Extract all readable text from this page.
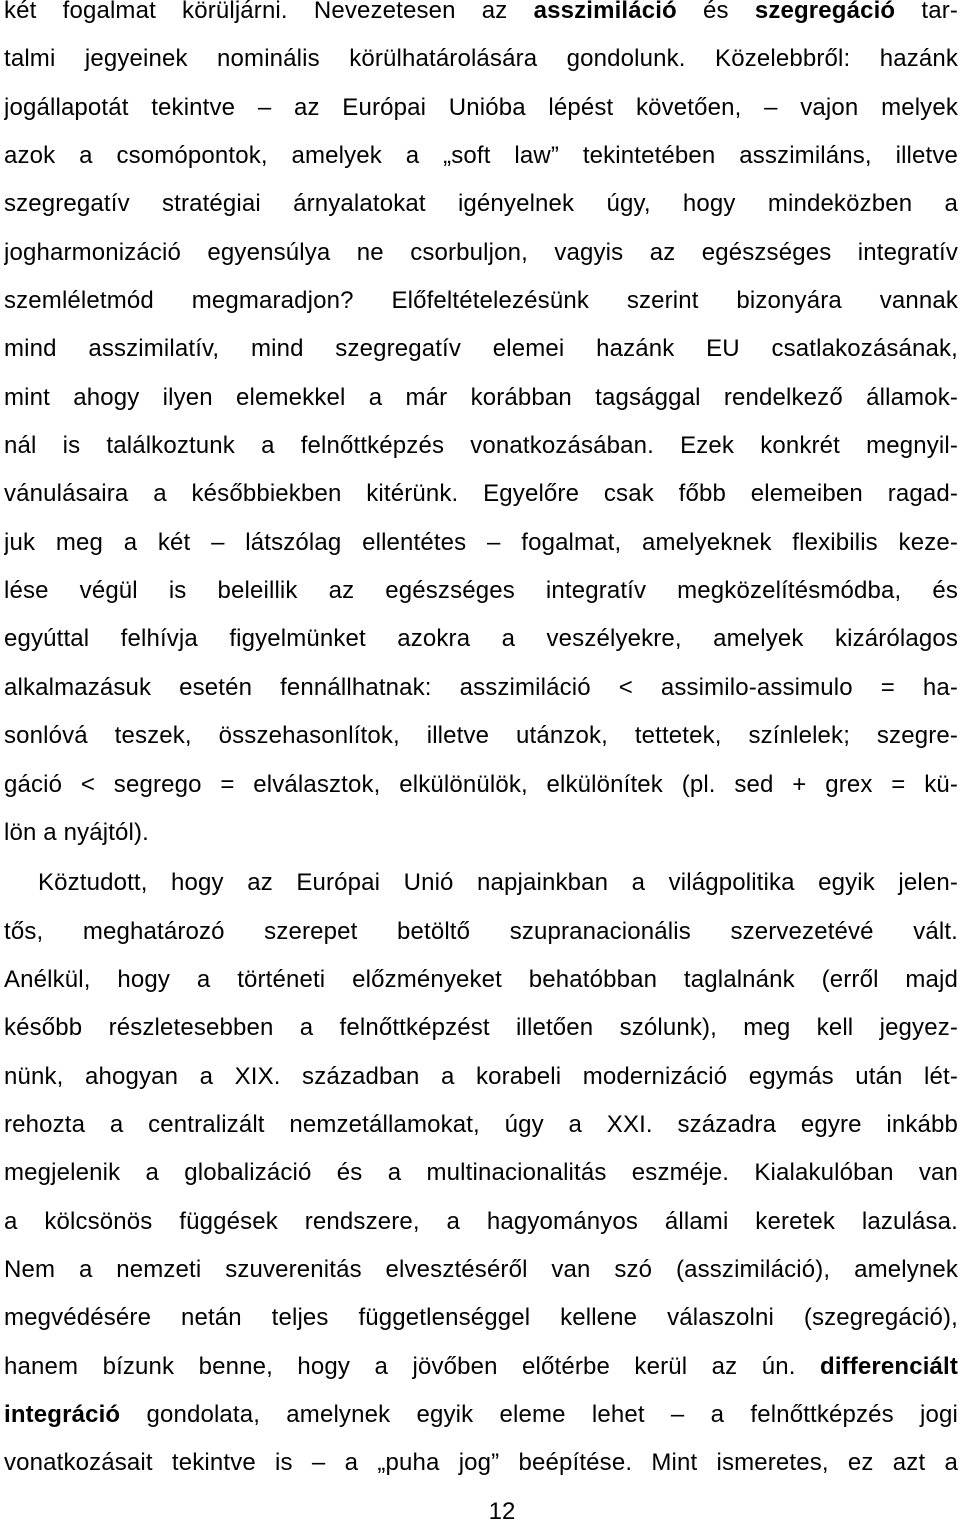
két fogalmat körüljárni. Nevezetesen az asszimiláció és szegregáció tar-
talmi jegyeinek nominális körülhatárolására gondolunk. Közelebbről: hazánk
jogállapotát tekintve – az Európai Unióba lépést követően, – vajon melyek
azok a csomópontok, amelyek a „soft law” tekintetében asszimiláns, illetve
szegregatív stratégiai árnyalatokat igényelnek úgy, hogy mindeközben a
jogharmonizáció egyensúlya ne csorbuljon, vagyis az egészséges integratív
szemléletmód megmaradjon? Előfeltételezésünk szerint bizonyára vannak
mind asszimilatív, mind szegregatív elemei hazánk EU csatlakozásának,
mint ahogy ilyen elemekkel a már korábban tagsággal rendelkező államok-
nál is találkoztunk a felnőttképzés vonatkozásában. Ezek konkrét megnyil-
vánulásaira a későbbiekben kitérünk. Egyelőre csak főbb elemeiben ragad-
juk meg a két – látszólag ellentétes – fogalmat, amelyeknek flexibilis keze-
lése végül is beleillik az egészséges integratív megközelítésmódba, és
egyúttal felhívja figyelmünket azokra a veszélyekre, amelyek kizárólagos
alkalmazásuk esetén fennállhatnak: asszimiláció < assimilo-assimulo = ha-
sonlóvá teszek, összehasonlítok, illetve utánzok, tettetek, színlelek; szegre-
gáció < segrego = elválasztok, elkülönülök, elkülönítek (pl. sed + grex = kü-
lön a nyájtól).
Köztudott, hogy az Európai Unió napjainkban a világpolitika egyik jelen-
tős, meghatározó szerepet betöltő szupranacionális szervezetévé vált.
Anélkül, hogy a történeti előzményeket behatóbban taglalnánk (erről majd
később részletesebben a felnőttképzést illetően szólunk), meg kell jegyez-
nünk, ahogyan a XIX. században a korabeli modernizáció egymás után lét-
rehozta a centralizált nemzetállamokat, úgy a XXI. századra egyre inkább
megjelenik a globalizáció és a multinacionalitás eszméje. Kialakulóban van
a kölcsönös függések rendszere, a hagyományos állami keretek lazulása.
Nem a nemzeti szuverenitás elvesztéséről van szó (asszimiláció), amelynek
megvédésére netán teljes függetlenséggel kellene válaszolni (szegregáció),
hanem bízunk benne, hogy a jövőben előtérbe kerül az ún. differenciált
integráció gondolata, amelynek egyik eleme lehet – a felnőttképzés jogi
vonatkozásait tekintve is – a „puha jog” beépítése. Mint ismeretes, ez azt a
12
